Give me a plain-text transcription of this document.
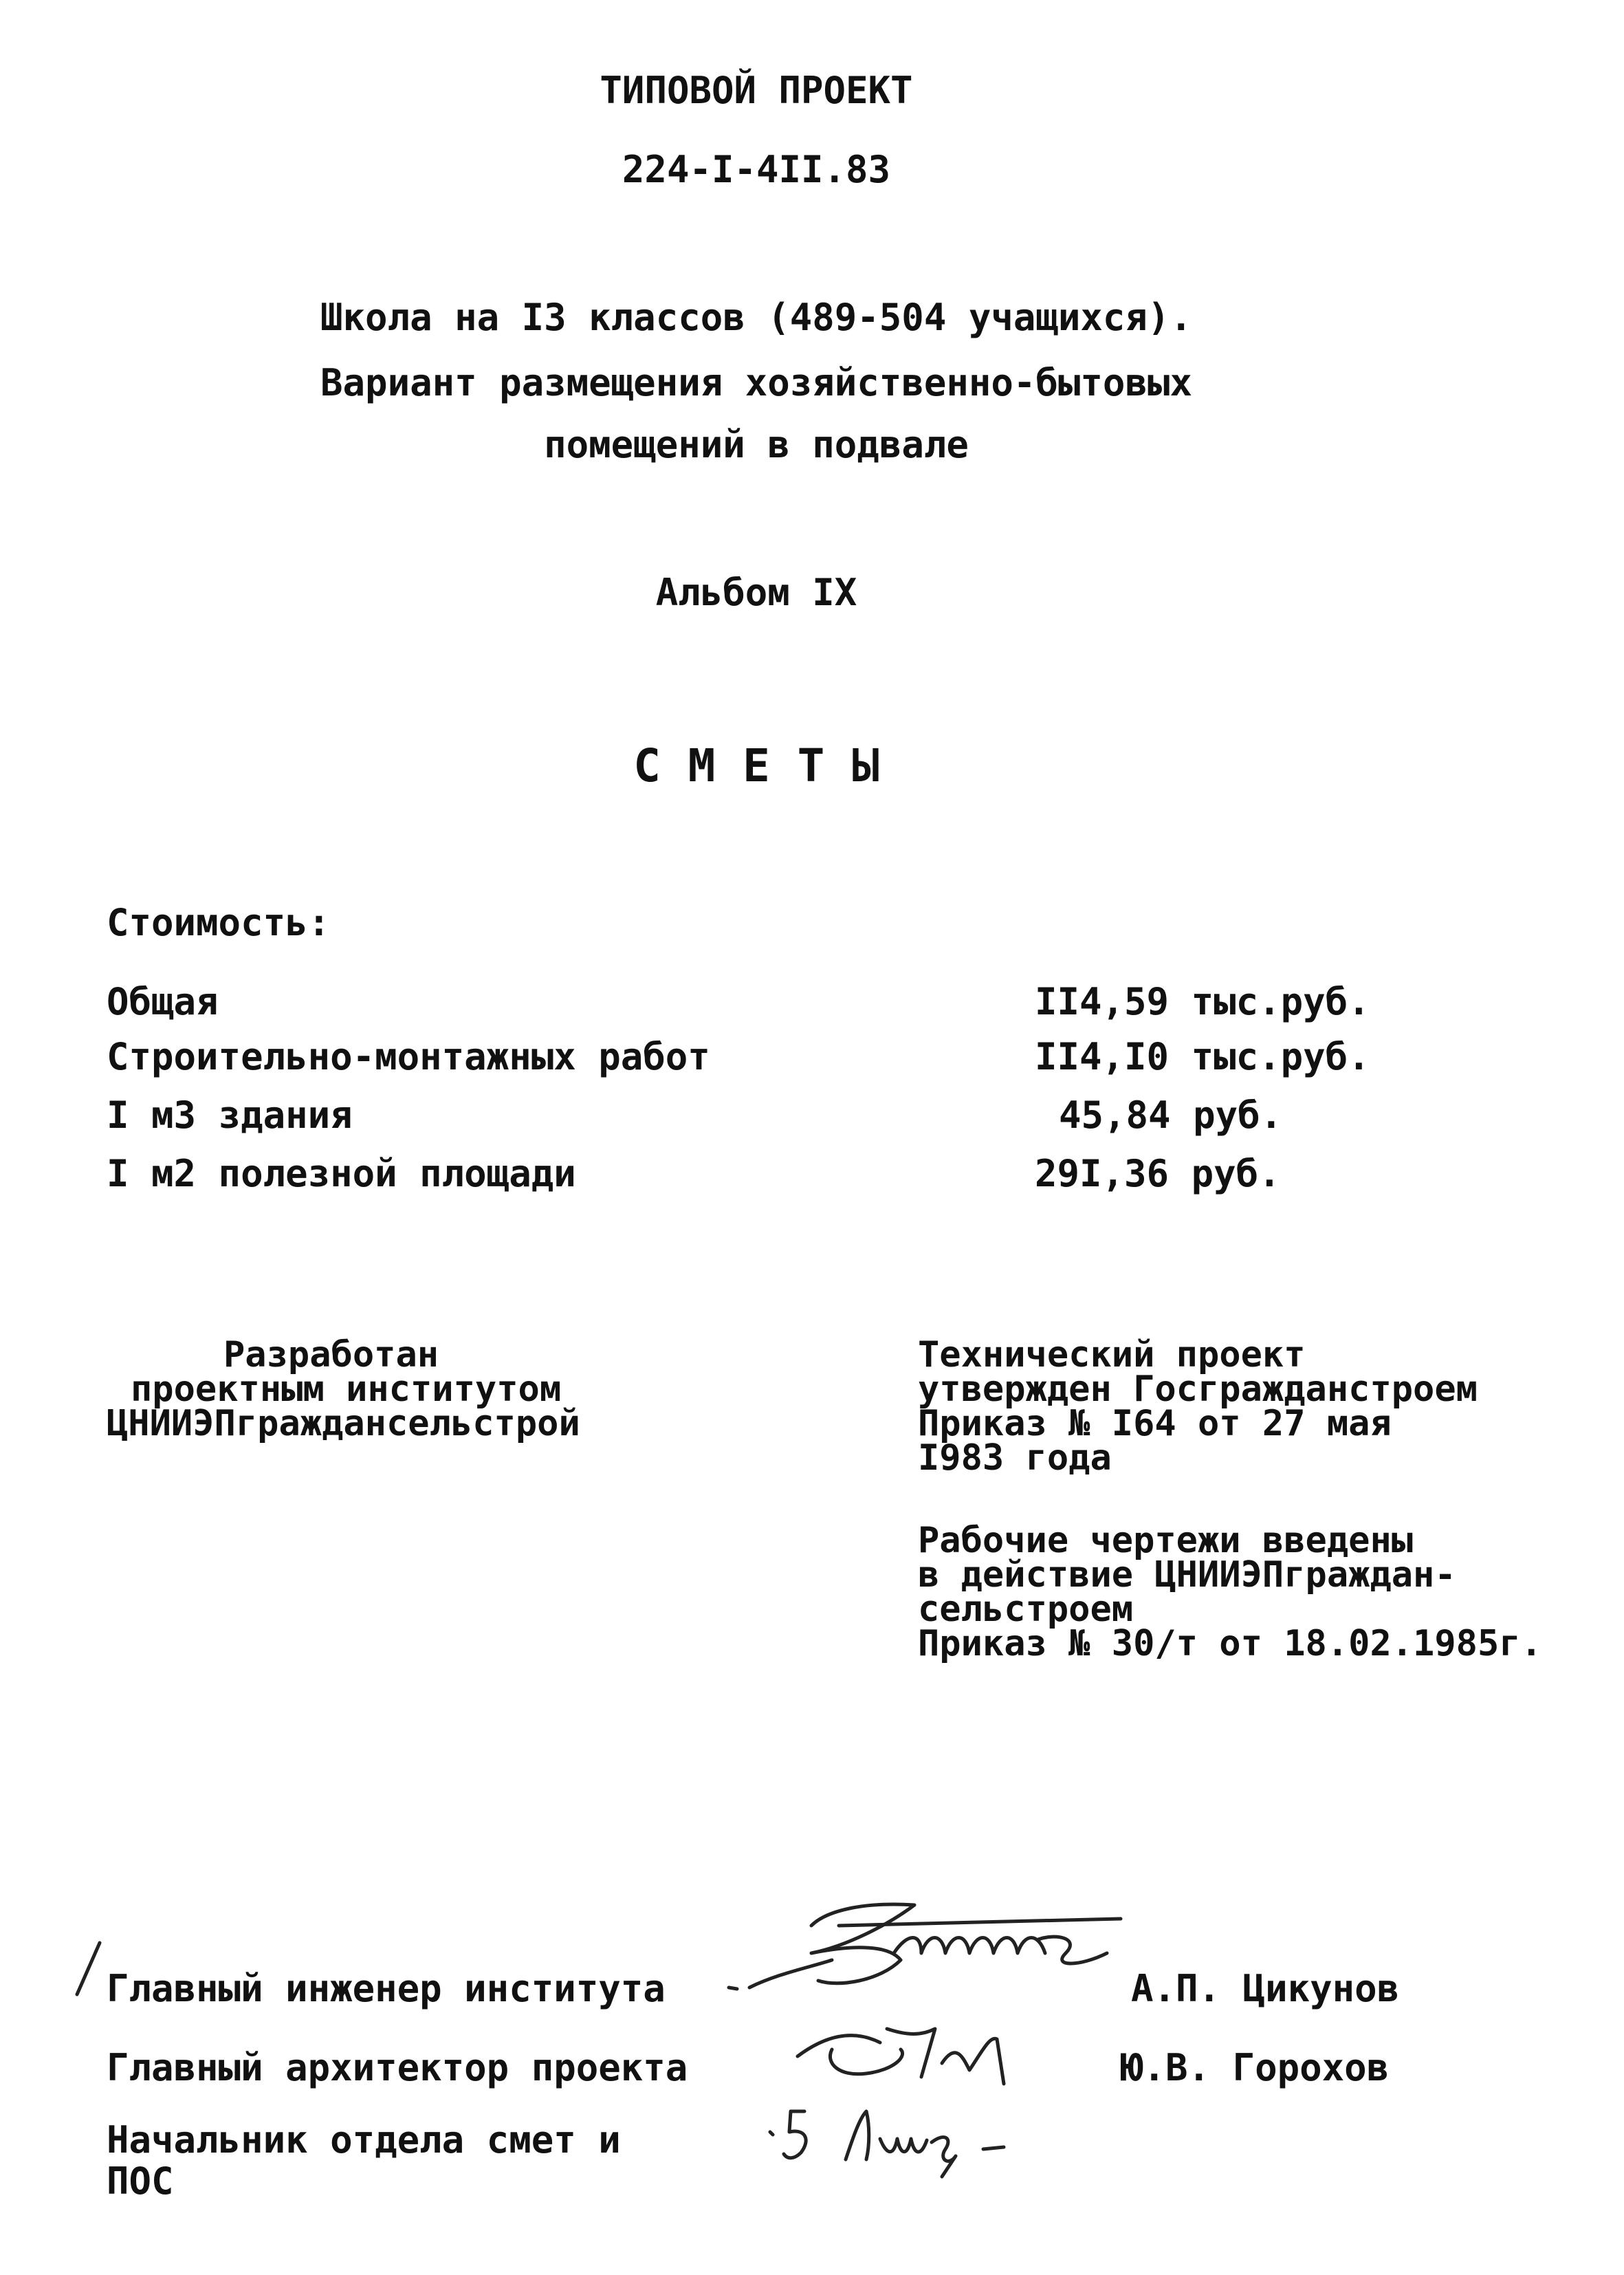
ТИПОВОЙ ПРОЕКТ
224-I-4II.83
Школа на I3 классов (489-504 учащихся).
Вариант размещения хозяйственно-бытовых
помещений в подвале
Альбом IX
С М Е Т Ы
Стоимость:
Общая	II4,59 тыс.руб.
Строительно-монтажных работ	II4,I0 тыс.руб.
I м3 здания	45,84 руб.
I м2 полезной площади	29I,36 руб.
Разработан
проектным институтом
ЦНИИЭПграждансельстрой
Технический проект
утвержден Госгражданстроем
Приказ № I64 от 27 мая
I983 года
Рабочие чертежи введены
в действие ЦНИИЭПграждан-
сельстроем
Приказ № 30/т от 18.02.1985г.
Главный инженер института	А.П. Цикунов
Главный архитектор проекта	Ю.В. Горохов
Начальник отдела смет и
ПОС
